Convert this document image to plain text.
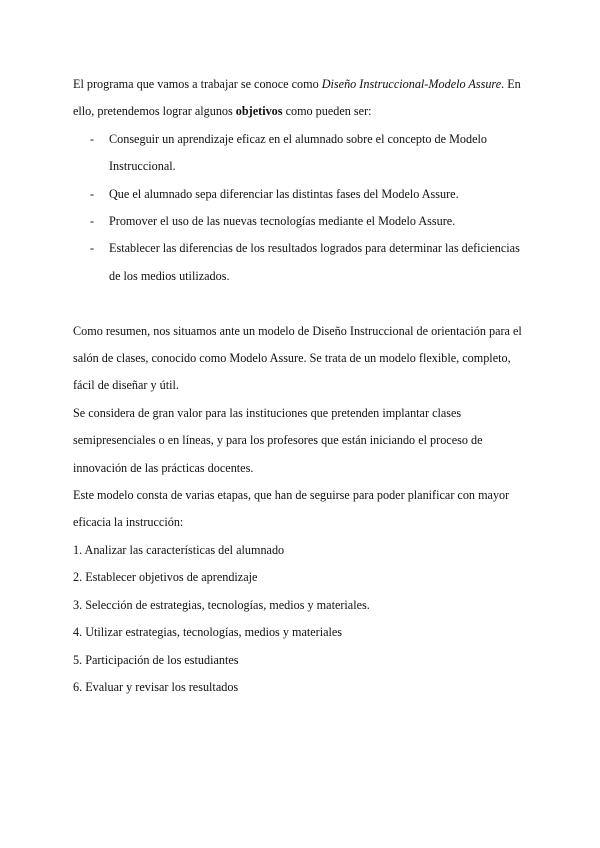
El programa que vamos a trabajar se conoce como Diseño Instruccional-Modelo Assure. En ello, pretendemos lograr algunos objetivos como pueden ser:

- Conseguir un aprendizaje eficaz en el alumnado sobre el concepto de Modelo Instruccional.
- Que el alumnado sepa diferenciar las distintas fases del Modelo Assure.
- Promover el uso de las nuevas tecnologías mediante el Modelo Assure.
- Establecer las diferencias de los resultados logrados para determinar las deficiencias de los medios utilizados.

Como resumen, nos situamos ante un modelo de Diseño Instruccional de orientación para el salón de clases, conocido como Modelo Assure. Se trata de un modelo flexible, completo, fácil de diseñar y útil.

Se considera de gran valor para las instituciones que pretenden implantar clases semipresenciales o en líneas, y para los profesores que están iniciando el proceso de innovación de las prácticas docentes.

Este modelo consta de varias etapas, que han de seguirse para poder planificar con mayor eficacia la instrucción:

1. Analizar las características del alumnado
2. Establecer objetivos de aprendizaje
3. Selección de estrategias, tecnologías, medios y materiales.
4. Utilizar estrategias, tecnologías, medios y materiales
5. Participación de los estudiantes
6. Evaluar y revisar los resultados
